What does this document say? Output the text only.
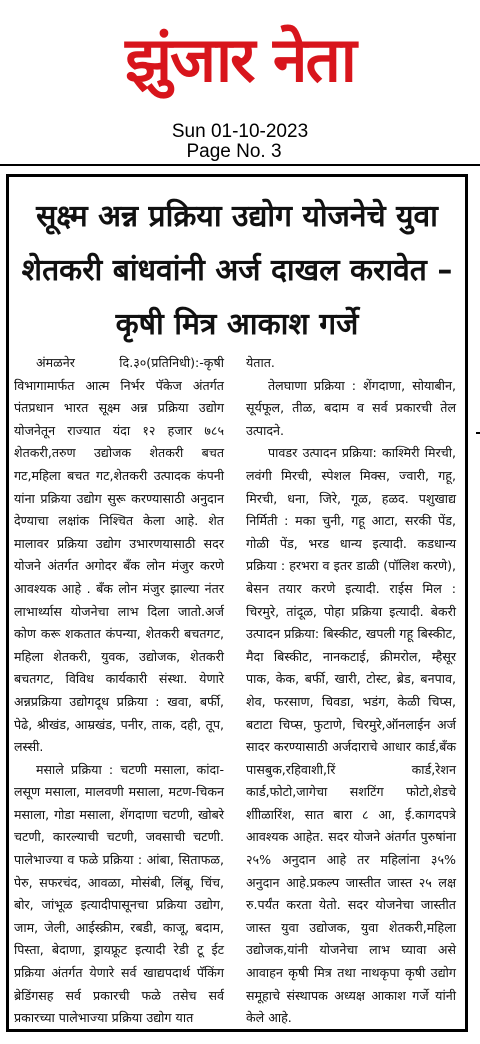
झुंजार नेता
Sun 01-10-2023
Page No. 3
सूक्ष्म अन्न प्रक्रिया उद्योग योजनेचे युवा शेतकरी बांधवांनी अर्ज दाखल करावेत – कृषी मित्र आकाश गर्जे

अंमळनेर दि.३०(प्रतिनिधी):-कृषी विभागामार्फत आत्म निर्भर पॅकेज अंतर्गत पंतप्रधान भारत सूक्ष्म अन्न प्रक्रिया उद्योग योजनेतून राज्यात यंदा १२ हजार ७८५ शेतकरी,तरुण उद्योजक शेतकरी बचत गट,महिला बचत गट,शेतकरी उत्पादक कंपनी यांना प्रक्रिया उद्योग सुरू करण्यासाठी अनुदान देण्याचा लक्षांक निश्चित केला आहे. शेत मालावर प्रक्रिया उद्योग उभारणयासाठी सदर योजने अंतर्गत अगोदर बँक लोन मंजुर करणे आवश्यक आहे . बँक लोन मंजुर झाल्या नंतर लाभार्थ्यास योजनेचा लाभ दिला जातो.अर्ज कोण करू शकतात कंपन्या, शेतकरी बचतगट, महिला शेतकरी, युवक, उद्योजक, शेतकरी बचतगट, विविध कार्यकारी संस्था. येणारे अन्नप्रक्रिया उद्योगदूध प्रक्रिया : खवा, बर्फी, पेढे, श्रीखंड, आम्रखंड, पनीर, ताक, दही, तूप, लस्सी.

मसाले प्रक्रिया : चटणी मसाला, कांदा-लसूण मसाला, मालवणी मसाला, मटण-चिकन मसाला, गोडा मसाला, शेंगदाणा चटणी, खोबरे चटणी, कारल्याची चटणी, जवसाची चटणी. पालेभाज्या व फळे प्रक्रिया : आंबा, सिताफळ, पेरु, सफरचंद, आवळा, मोसंबी, लिंबू, चिंच, बोर, जांभूळ इत्यादीपासूनचा प्रक्रिया उद्योग, जाम, जेली, आईस्क्रीम, रबडी, काजू, बदाम, पिस्ता, बेदाणा, ड्रायफ्रूट इत्यादी रेडी टू ईट प्रक्रिया अंतर्गत येणारे सर्व खाद्यपदार्थ पॅकिंग ब्रेडिंगसह सर्व प्रकारची फळे तसेच सर्व प्रकारच्या पालेभाज्या प्रक्रिया उद्योग यात

येतात.

तेलघाणा प्रक्रिया : शेंगदाणा, सोयाबीन, सूर्यफूल, तीळ, बदाम व सर्व प्रकारची तेल उत्पादने.

पावडर उत्पादन प्रक्रिया: काश्मिरी मिरची, लवंगी मिरची, स्पेशल मिक्स, ज्वारी, गहू, मिरची, धना, जिरे, गूळ, हळद. पशुखाद्य निर्मिती : मका चुनी, गहू आटा, सरकी पेंड, गोळी पेंड, भरड धान्य इत्यादी. कडधान्य प्रक्रिया : हरभरा व इतर डाळी (पॉलिश करणे), बेसन तयार करणे इत्यादी. राईस मिल : चिरमुरे, तांदूळ, पोहा प्रक्रिया इत्यादी. बेकरी उत्पादन प्रक्रिया: बिस्कीट, खपली गहू बिस्कीट, मैदा बिस्कीट, नानकटाई, क्रीमरोल, म्हैसूर पाक, केक, बर्फी, खारी, टोस्ट, ब्रेड, बनपाव, शेव, फरसाण, चिवडा, भडंग, केळी चिप्स, बटाटा चिप्स, फुटाणे, चिरमुरे,ऑनलाईन अर्ज सादर करण्यासाठी अर्जदाराचे आधार कार्ड,बँक पासबुक,रहिवाशी,रिं कार्ड,रेशन कार्ड,फोटो,जागेचा सशटिंग फोटो,शेडचे शीीळारिंश, सात बारा ८ आ, ई.कागदपत्रे आवश्यक आहेत. सदर योजने अंतर्गत पुरुषांना २५% अनुदान आहे तर महिलांना ३५% अनुदान आहे.प्रकल्प जास्तीत जास्त २५ लक्ष रु.पर्यंत करता येतो. सदर योजनेचा जास्तीत जास्त युवा उद्योजक, युवा शेतकरी,महिला उद्योजक,यांनी योजनेचा लाभ घ्यावा असे आवाहन कृषी मित्र तथा नाथकृपा कृषी उद्योग समूहाचे संस्थापक अध्यक्ष आकाश गर्जे यांनी केले आहे.
